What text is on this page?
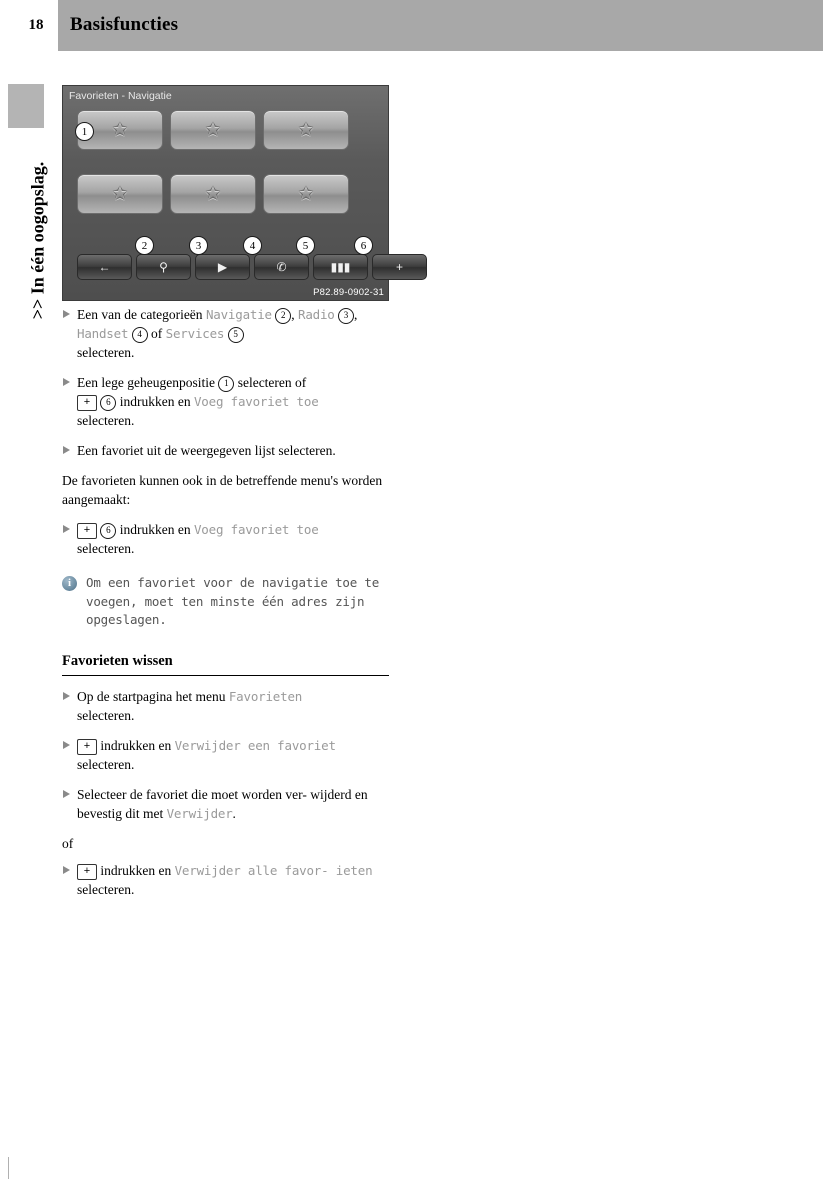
18	Basisfuncties
>> In één oogopslag.
Favorieten - Navigatie
✩	✩	✩
✩	✩	✩
←	⚲	▶	✆	▮▮▮	+
P82.89-0902-31
1
2	3	4	5	6
Een van de categorieën Navigatie 2 , Radio 3 , Handset 4 of Services 5
selecteren.
Een lege geheugenpositie 1 selecteren of
+ 6 indrukken en Voeg favoriet toe
selecteren.
Een favoriet uit de weergegeven lijst selecteren.
De favorieten kunnen ook in de betreffende menu's worden aangemaakt:
+ 6 indrukken en Voeg favoriet toe
selecteren.
i	Om een favoriet voor de navigatie toe te voegen, moet ten minste één adres zijn opgeslagen.
Favorieten wissen
Op de startpagina het menu Favorieten
selecteren.
+ indrukken en Verwijder een favoriet
selecteren.
Selecteer de favoriet die moet worden ver- wijderd en bevestig dit met Verwijder.
of
+ indrukken en Verwijder alle favor- ieten selecteren.
